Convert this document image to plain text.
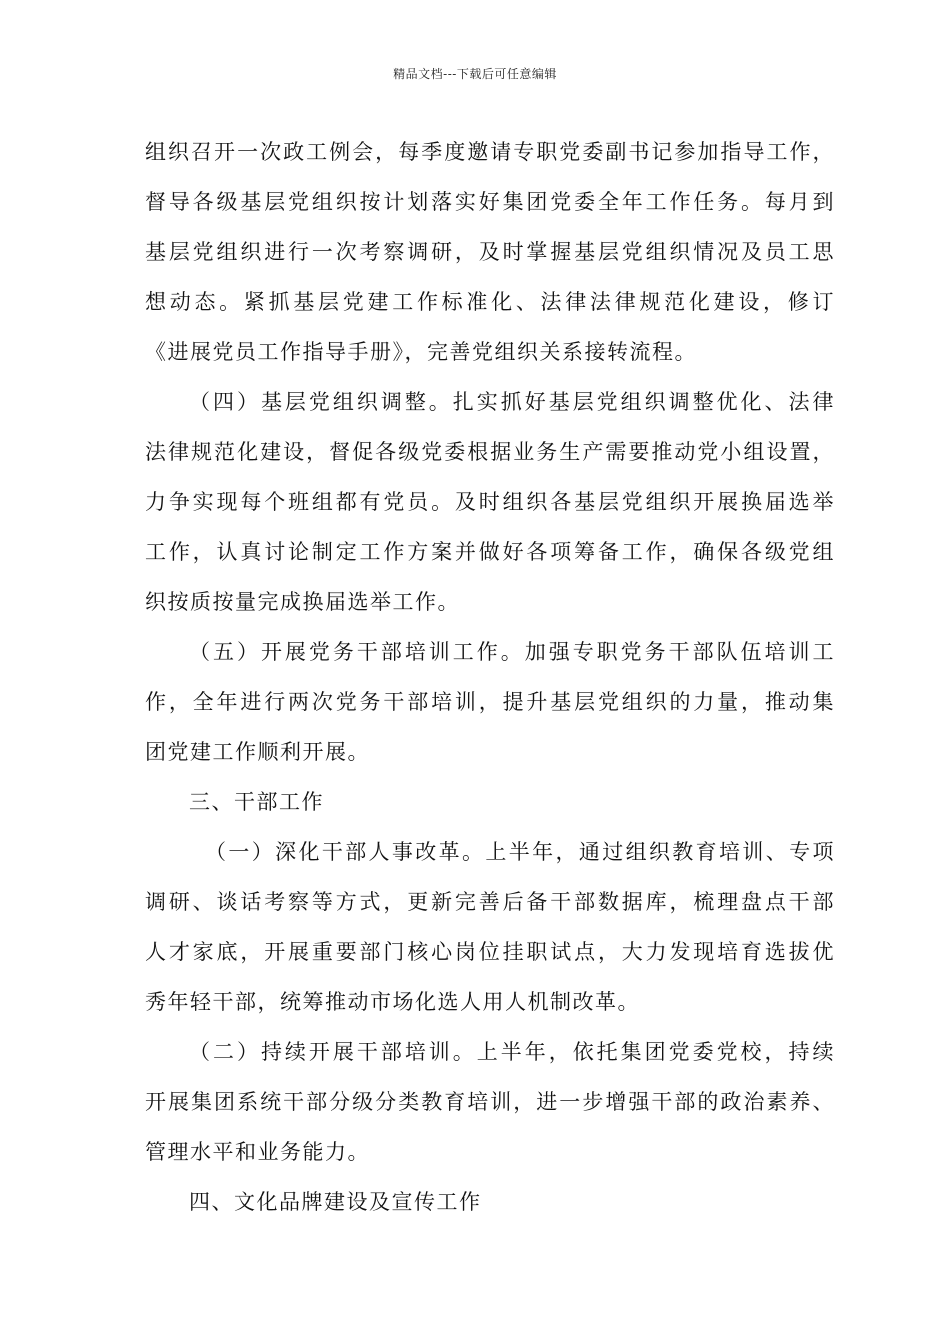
精品文档---下载后可任意编辑

组织召开一次政工例会，每季度邀请专职党委副书记参加指导工作，
督导各级基层党组织按计划落实好集团党委全年工作任务。每月到
基层党组织进行一次考察调研，及时掌握基层党组织情况及员工思
想动态。紧抓基层党建工作标准化、法律法律规范化建设，修订
《进展党员工作指导手册》，完善党组织关系接转流程。

（四）基层党组织调整。扎实抓好基层党组织调整优化、法律
法律规范化建设，督促各级党委根据业务生产需要推动党小组设置，
力争实现每个班组都有党员。及时组织各基层党组织开展换届选举
工作，认真讨论制定工作方案并做好各项筹备工作，确保各级党组
织按质按量完成换届选举工作。

（五）开展党务干部培训工作。加强专职党务干部队伍培训工
作，全年进行两次党务干部培训，提升基层党组织的力量，推动集
团党建工作顺利开展。

三、干部工作

（一）深化干部人事改革。上半年，通过组织教育培训、专项
调研、谈话考察等方式，更新完善后备干部数据库，梳理盘点干部
人才家底，开展重要部门核心岗位挂职试点，大力发现培育选拔优
秀年轻干部，统筹推动市场化选人用人机制改革。

（二）持续开展干部培训。上半年，依托集团党委党校，持续
开展集团系统干部分级分类教育培训，进一步增强干部的政治素养、
管理水平和业务能力。

四、文化品牌建设及宣传工作
